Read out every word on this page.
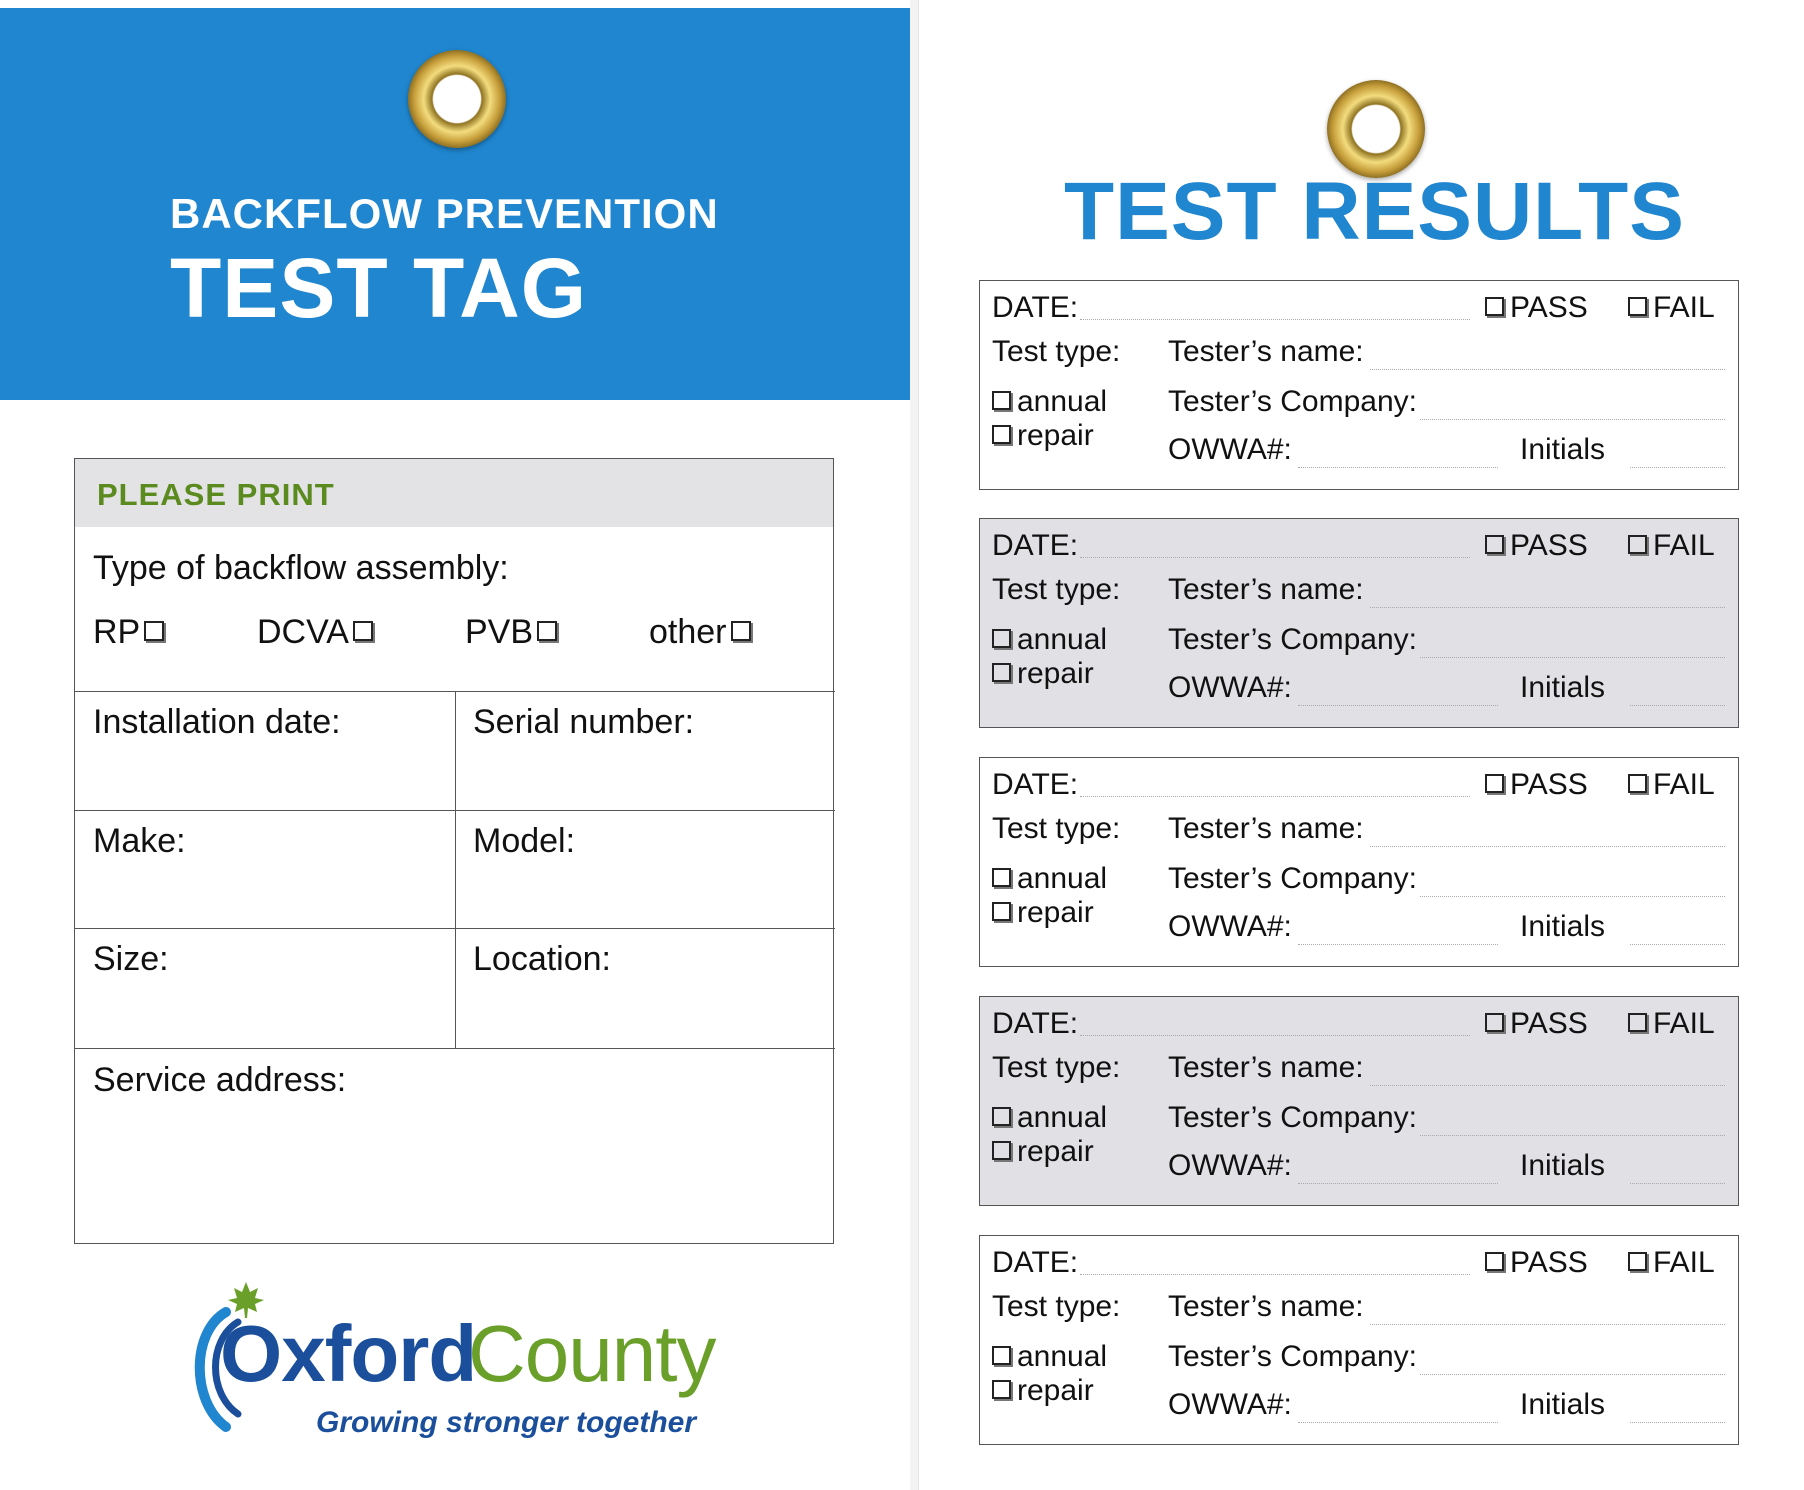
BACKFLOW PREVENTION
TEST TAG
PLEASE PRINT
Type of backflow assembly:
RP	DCVA	PVB	other
Installation date:	Serial number:
Make:	Model:
Size:	Location:
Service address:
Oxford
County
Growing stronger together
TEST RESULTS
DATE:	PASS	FAIL
Test type:
annual
repair
Tester’s name:
Tester’s Company:
OWWA#:	Initials
DATE:	PASS	FAIL
Test type:
annual
repair
Tester’s name:
Tester’s Company:
OWWA#:	Initials
DATE:	PASS	FAIL
Test type:
annual
repair
Tester’s name:
Tester’s Company:
OWWA#:	Initials
DATE:	PASS	FAIL
Test type:
annual
repair
Tester’s name:
Tester’s Company:
OWWA#:	Initials
DATE:	PASS	FAIL
Test type:
annual
repair
Tester’s name:
Tester’s Company:
OWWA#:	Initials
